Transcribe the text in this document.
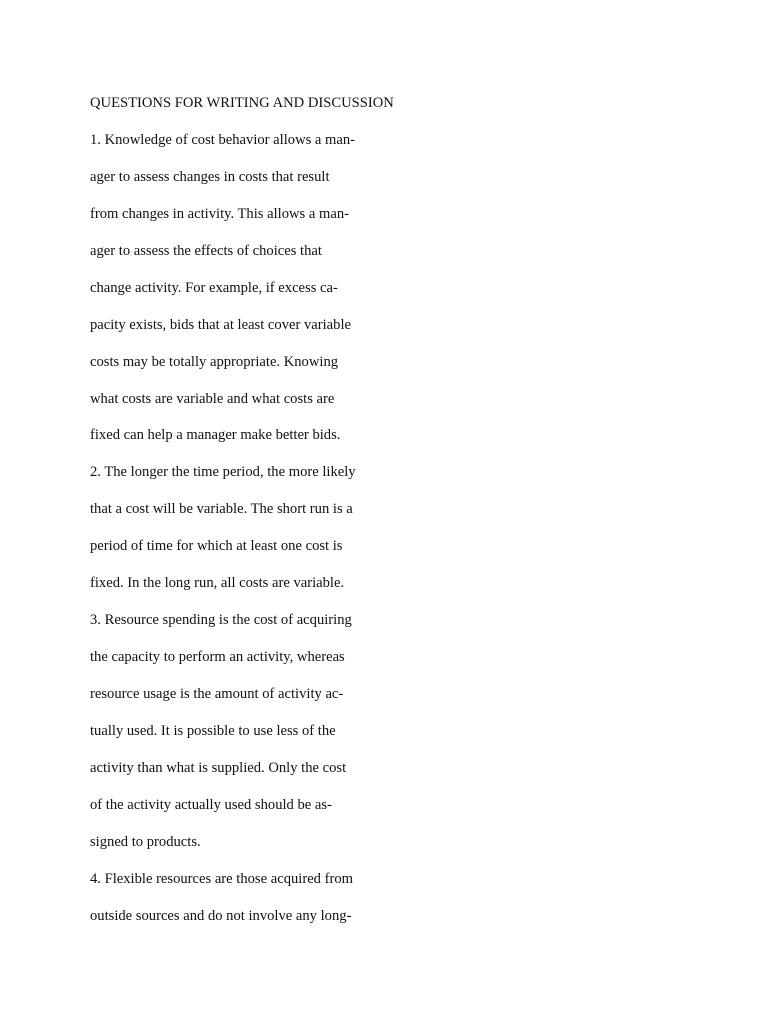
QUESTIONS FOR WRITING AND DISCUSSION

1. Knowledge of cost behavior allows a man-

ager to assess changes in costs that result

from changes in activity. This allows a man-

ager to assess the effects of choices that

change activity. For example, if excess ca-

pacity exists, bids that at least cover variable

costs may be totally appropriate. Knowing

what costs are variable and what costs are

fixed can help a manager make better bids.

2. The longer the time period, the more likely

that a cost will be variable. The short run is a

period of time for which at least one cost is

fixed. In the long run, all costs are variable.

3. Resource spending is the cost of acquiring

the capacity to perform an activity, whereas

resource usage is the amount of activity ac-

tually used. It is possible to use less of the

activity than what is supplied. Only the cost

of the activity actually used should be as-

signed to products.

4. Flexible resources are those acquired from

outside sources and do not involve any long-
